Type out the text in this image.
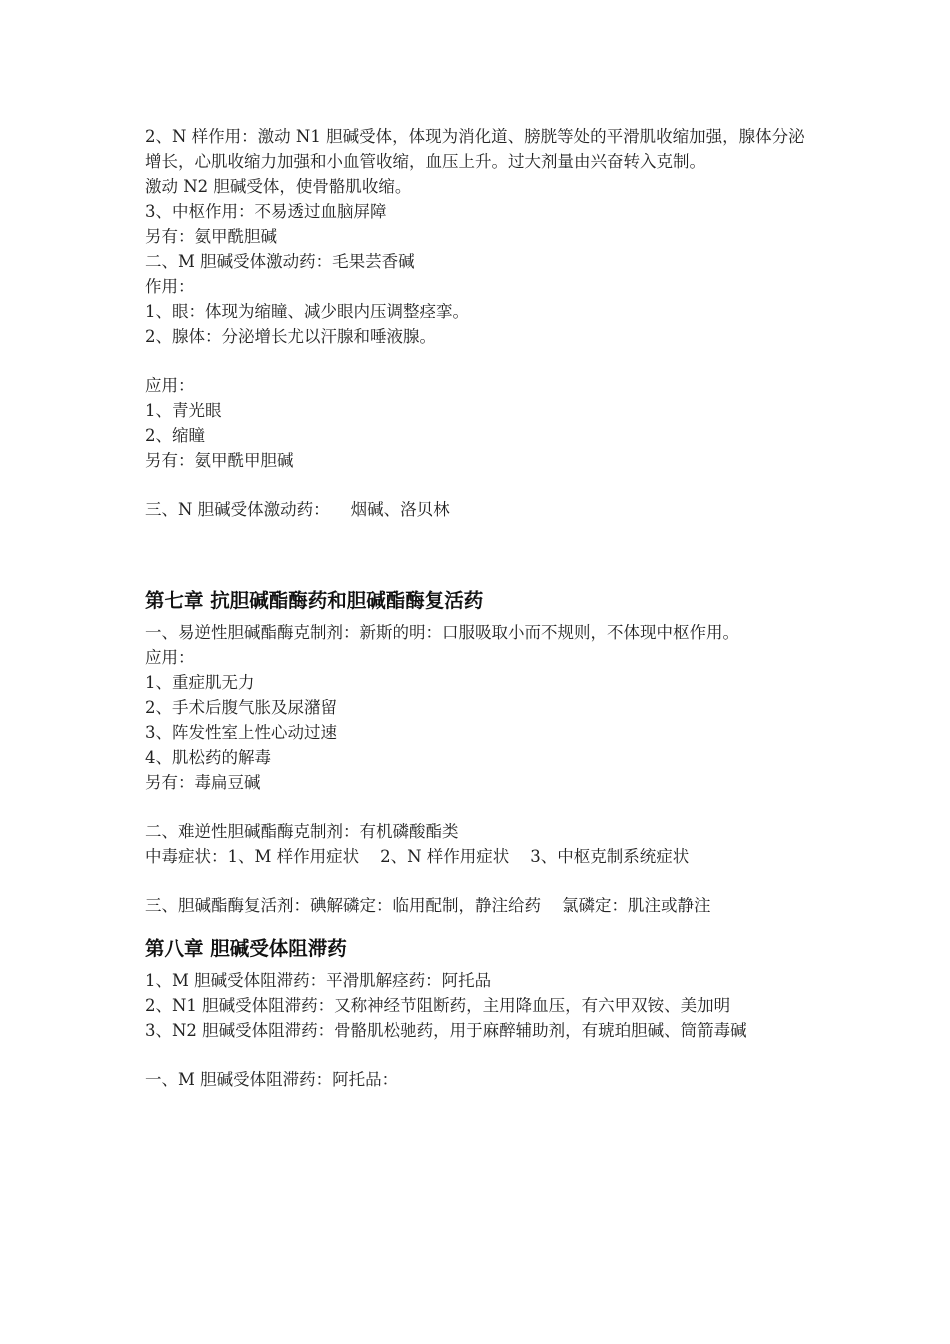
2、N 样作用：激动 N1 胆碱受体，体现为消化道、膀胱等处的平滑肌收缩加强，腺体分泌
增长，心肌收缩力加强和小血管收缩，血压上升。过大剂量由兴奋转入克制。
激动 N2 胆碱受体，使骨骼肌收缩。
3、中枢作用：不易透过血脑屏障
另有：氨甲酰胆碱
二、M 胆碱受体激动药：毛果芸香碱
作用：
1、眼：体现为缩瞳、减少眼内压调整痉挛。
2、腺体：分泌增长尤以汗腺和唾液腺。
应用：
1、青光眼
2、缩瞳
另有：氨甲酰甲胆碱
三、N 胆碱受体激动药：    烟碱、洛贝林
第七章 抗胆碱酯酶药和胆碱酯酶复活药
一、易逆性胆碱酯酶克制剂：新斯的明：口服吸取小而不规则，不体现中枢作用。
应用：
1、重症肌无力
2、手术后腹气胀及尿潴留
3、阵发性室上性心动过速
4、肌松药的解毒
另有：毒扁豆碱
二、难逆性胆碱酯酶克制剂：有机磷酸酯类
中毒症状：1、M 样作用症状    2、N 样作用症状    3、中枢克制系统症状
三、胆碱酯酶复活剂：碘解磷定：临用配制，静注给药    氯磷定：肌注或静注
第八章 胆碱受体阻滞药
1、M 胆碱受体阻滞药：平滑肌解痉药：阿托品
2、N1 胆碱受体阻滞药：又称神经节阻断药，主用降血压，有六甲双铵、美加明
3、N2 胆碱受体阻滞药：骨骼肌松驰药，用于麻醉辅助剂，有琥珀胆碱、筒箭毒碱
一、M 胆碱受体阻滞药：阿托品：
